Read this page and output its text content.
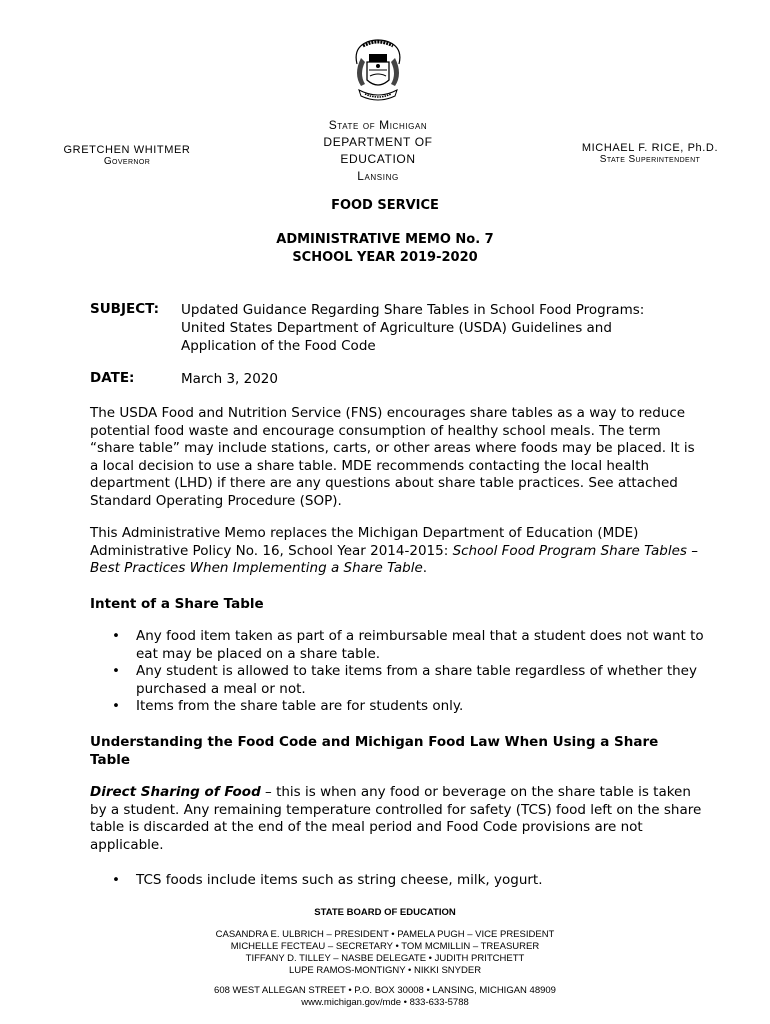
GRETCHEN WHITMER
Governor
State of Michigan
DEPARTMENT OF
EDUCATION
Lansing
MICHAEL F. RICE, Ph.D.
State Superintendent
FOOD SERVICE
ADMINISTRATIVE MEMO No. 7
SCHOOL YEAR 2019-2020
SUBJECT: Updated Guidance Regarding Share Tables in School Food Programs:
United States Department of Agriculture (USDA) Guidelines and
Application of the Food Code
DATE:	March 3, 2020
The USDA Food and Nutrition Service (FNS) encourages share tables as a way to reduce potential food waste and encourage consumption of healthy school meals. The term “share table” may include stations, carts, or other areas where foods may be placed. It is a local decision to use a share table. MDE recommends contacting the local health department (LHD) if there are any questions about share table practices. See attached Standard Operating Procedure (SOP).
This Administrative Memo replaces the Michigan Department of Education (MDE) Administrative Policy No. 16, School Year 2014-2015: School Food Program Share Tables – Best Practices When Implementing a Share Table.
Intent of a Share Table
• Any food item taken as part of a reimbursable meal that a student does not want to eat may be placed on a share table.
• Any student is allowed to take items from a share table regardless of whether they purchased a meal or not.
• Items from the share table are for students only.
Understanding the Food Code and Michigan Food Law When Using a Share Table
Direct Sharing of Food – this is when any food or beverage on the share table is taken by a student. Any remaining temperature controlled for safety (TCS) food left on the share table is discarded at the end of the meal period and Food Code provisions are not applicable.
• TCS foods include items such as string cheese, milk, yogurt.
STATE BOARD OF EDUCATION
CASANDRA E. ULBRICH – PRESIDENT • PAMELA PUGH – VICE PRESIDENT
MICHELLE FECTEAU – SECRETARY • TOM MCMILLIN – TREASURER
TIFFANY D. TILLEY – NASBE DELEGATE • JUDITH PRITCHETT
LUPE RAMOS-MONTIGNY • NIKKI SNYDER
608 WEST ALLEGAN STREET • P.O. BOX 30008 • LANSING, MICHIGAN 48909
www.michigan.gov/mde • 833-633-5788
